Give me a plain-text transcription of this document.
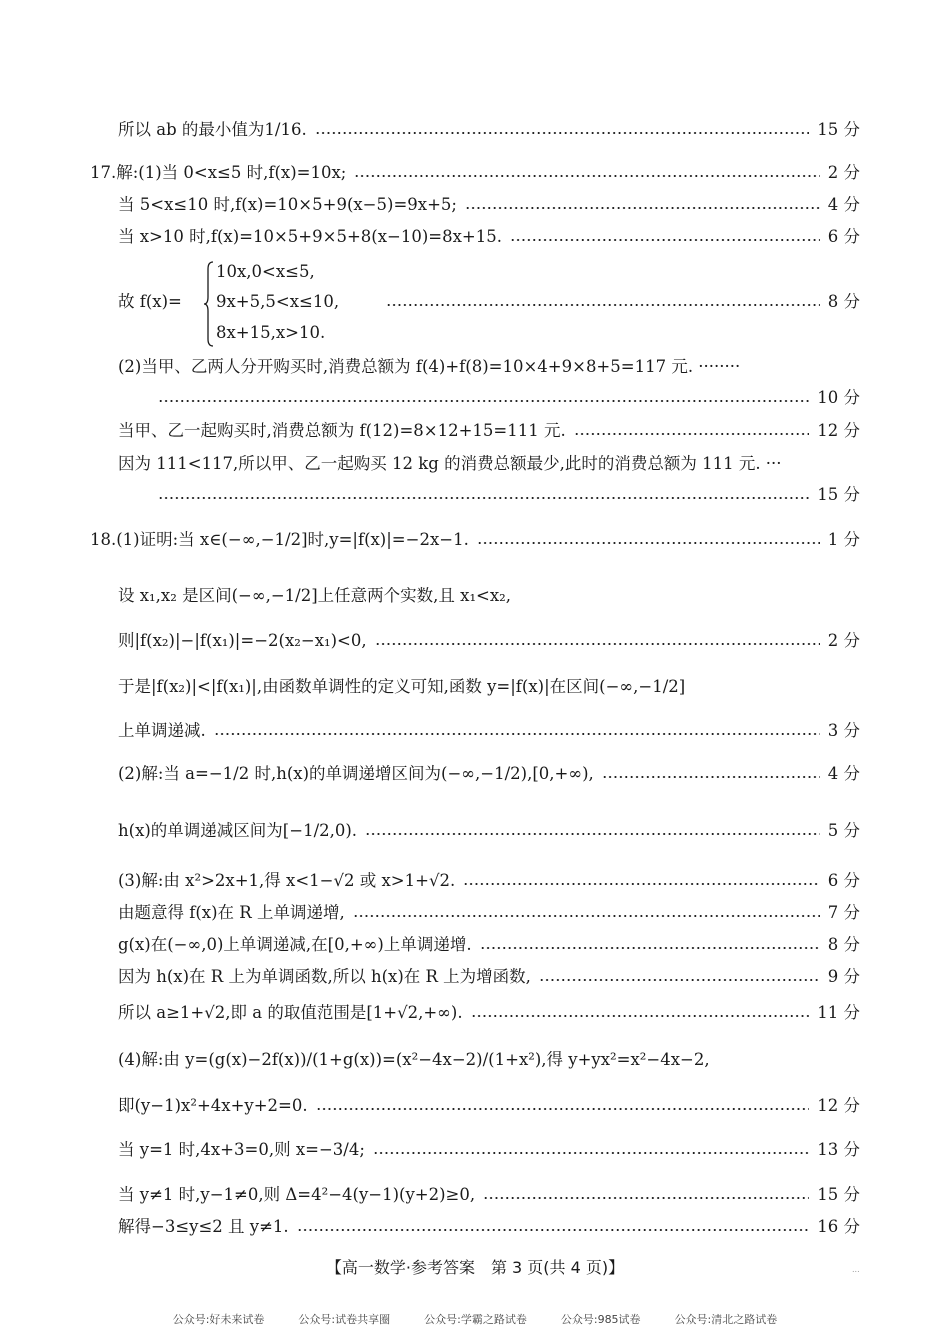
所以 ab 的最小值为1/16.	15 分
17.解:(1)当 0<x≤5 时,f(x)=10x;	2 分
当 5<x≤10 时,f(x)=10×5+9(x−5)=9x+5;	4 分
当 x>10 时,f(x)=10×5+9×5+8(x−10)=8x+15.	6 分
故 f(x)=	8 分
10x,0<x≤5,
9x+5,5<x≤10,
8x+15,x>10.
(2)当甲、乙两人分开购买时,消费总额为 f(4)+f(8)=10×4+9×8+5=117 元. ········
10 分
当甲、乙一起购买时,消费总额为 f(12)=8×12+15=111 元.	12 分
因为 111<117,所以甲、乙一起购买 12 kg 的消费总额最少,此时的消费总额为 111 元. ···
15 分
18.(1)证明:当 x∈(−∞,−1/2]时,y=|f(x)|=−2x−1.	1 分
设 x₁,x₂ 是区间(−∞,−1/2]上任意两个实数,且 x₁<x₂,
则|f(x₂)|−|f(x₁)|=−2(x₂−x₁)<0,	2 分
于是|f(x₂)|<|f(x₁)|,由函数单调性的定义可知,函数 y=|f(x)|在区间(−∞,−1/2]
上单调递减.	3 分
(2)解:当 a=−1/2 时,h(x)的单调递增区间为(−∞,−1/2),[0,+∞),	4 分
h(x)的单调递减区间为[−1/2,0).	5 分
(3)解:由 x²>2x+1,得 x<1−√2 或 x>1+√2.	6 分
由题意得 f(x)在 R 上单调递增,	7 分
g(x)在(−∞,0)上单调递减,在[0,+∞)上单调递增.	8 分
因为 h(x)在 R 上为单调函数,所以 h(x)在 R 上为增函数,	9 分
所以 a≥1+√2,即 a 的取值范围是[1+√2,+∞).	11 分
(4)解:由 y=(g(x)−2f(x))/(1+g(x))=(x²−4x−2)/(1+x²),得 y+yx²=x²−4x−2,
即(y−1)x²+4x+y+2=0.	12 分
当 y=1 时,4x+3=0,则 x=−3/4;	13 分
当 y≠1 时,y−1≠0,则 Δ=4²−4(y−1)(y+2)≥0,	15 分
解得−3≤y≤2 且 y≠1.	16 分
【高一数学·参考答案　第 3 页(共 4 页)】	...
公众号:好未来试卷	公众号:试卷共享圈	公众号:学霸之路试卷	公众号:985试卷	公众号:清北之路试卷
